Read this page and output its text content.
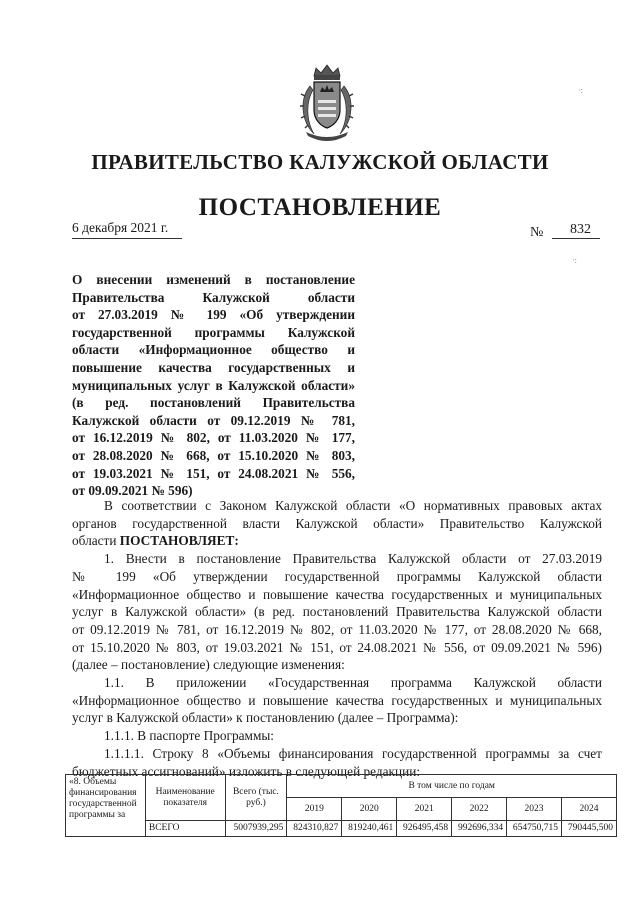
ПРАВИТЕЛЬСТВО КАЛУЖСКОЙ ОБЛАСТИ
ПОСТАНОВЛЕНИЕ
6 декабря 2021 г.	№ 832
·:
·:
О внесении изменений в постановление
Правительства Калужской области
от 27.03.2019 № 199 «Об утверждении
государственной программы Калужской
области «Информационное общество и
повышение качества государственных и
муниципальных услуг в Калужской области»
(в ред. постановлений Правительства
Калужской области от 09.12.2019 № 781,
от 16.12.2019 № 802, от 11.03.2020 № 177,
от 28.08.2020 № 668, от 15.10.2020 № 803,
от 19.03.2021 № 151, от 24.08.2021 № 556,
от 09.09.2021 № 596)
В соответствии с Законом Калужской области «О нормативных правовых актах
органов государственной власти Калужской области» Правительство Калужской
области ПОСТАНОВЛЯЕТ:
1. Внести в постановление Правительства Калужской области от 27.03.2019
№ 199 «Об утверждении государственной программы Калужской области
«Информационное общество и повышение качества государственных и муниципальных
услуг в Калужской области» (в ред. постановлений Правительства Калужской области
от 09.12.2019 № 781, от 16.12.2019 № 802, от 11.03.2020 № 177, от 28.08.2020 № 668,
от 15.10.2020 № 803, от 19.03.2021 № 151, от 24.08.2021 № 556, от 09.09.2021 № 596)
(далее – постановление) следующие изменения:
1.1. В приложении «Государственная программа Калужской области
«Информационное общество и повышение качества государственных и муниципальных
услуг в Калужской области» к постановлению (далее – Программа):
1.1.1. В паспорте Программы:
1.1.1.1. Строку 8 «Объемы финансирования государственной программы за счет
бюджетных ассигнований» изложить в следующей редакции:
«8. Объемы финансирования государственной программы за	Наименование показателя	Всего (тыс. руб.)	В том числе по годам					
			2019	2020	2021	2022	2023	2024
	ВСЕГО	5007939,295	824310,827	819240,461	926495,458	992696,334	654750,715	790445,500
